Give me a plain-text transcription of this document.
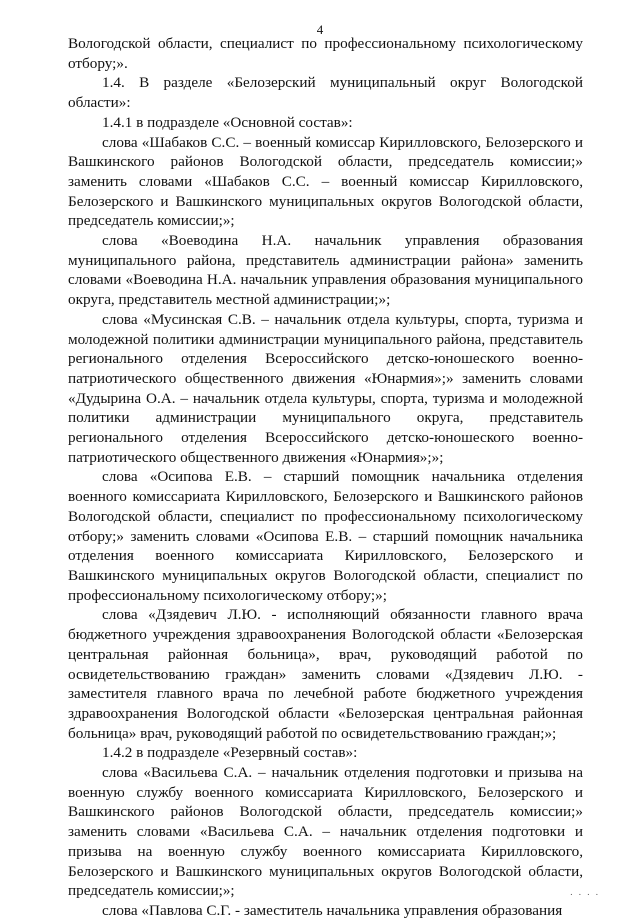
4

Вологодской области, специалист по профессиональному психологическому отбору;».

1.4. В разделе «Белозерский муниципальный округ Вологодской области»:

1.4.1 в подразделе «Основной состав»:

слова «Шабаков С.С. – военный комиссар Кирилловского, Белозерского и Вашкинского районов Вологодской области, председатель комиссии;» заменить словами «Шабаков С.С. – военный комиссар Кирилловского, Белозерского и Вашкинского муниципальных округов Вологодской области, председатель комиссии;»;

слова «Воеводина Н.А. начальник управления образования муниципального района, представитель администрации района» заменить словами «Воеводина Н.А. начальник управления образования муниципального округа, представитель местной администрации;»;

слова «Мусинская С.В. – начальник отдела культуры, спорта, туризма и молодежной политики администрации муниципального района, представитель регионального отделения Всероссийского детско-юношеского военно-патриотического общественного движения «Юнармия»;» заменить словами «Дудырина О.А. – начальник отдела культуры, спорта, туризма и молодежной политики администрации муниципального округа, представитель регионального отделения Всероссийского детско-юношеского военно-патриотического общественного движения «Юнармия»;»;

слова «Осипова Е.В. – старший помощник начальника отделения военного комиссариата Кирилловского, Белозерского и Вашкинского районов Вологодской области, специалист по профессиональному психологическому отбору;» заменить словами «Осипова Е.В. – старший помощник начальника отделения военного комиссариата Кирилловского, Белозерского и Вашкинского муниципальных округов Вологодской области, специалист по профессиональному психологическому отбору;»;

слова «Дзядевич Л.Ю. - исполняющий обязанности главного врача бюджетного учреждения здравоохранения Вологодской области «Белозерская центральная районная больница», врач, руководящий работой по освидетельствованию граждан» заменить словами «Дзядевич Л.Ю. - заместителя главного врача по лечебной работе бюджетного учреждения здравоохранения Вологодской области «Белозерская центральная районная больница» врач, руководящий работой по освидетельствованию граждан;»;

1.4.2 в подразделе «Резервный состав»:

слова «Васильева С.А. – начальник отделения подготовки и призыва на военную службу военного комиссариата Кирилловского, Белозерского и Вашкинского районов Вологодской области, председатель комиссии;» заменить словами «Васильева С.А. – начальник отделения подготовки и призыва на военную службу военного комиссариата Кирилловского, Белозерского и Вашкинского муниципальных округов Вологодской области, председатель комиссии;»;

слова «Павлова С.Г. - заместитель начальника управления образования

. . . .
